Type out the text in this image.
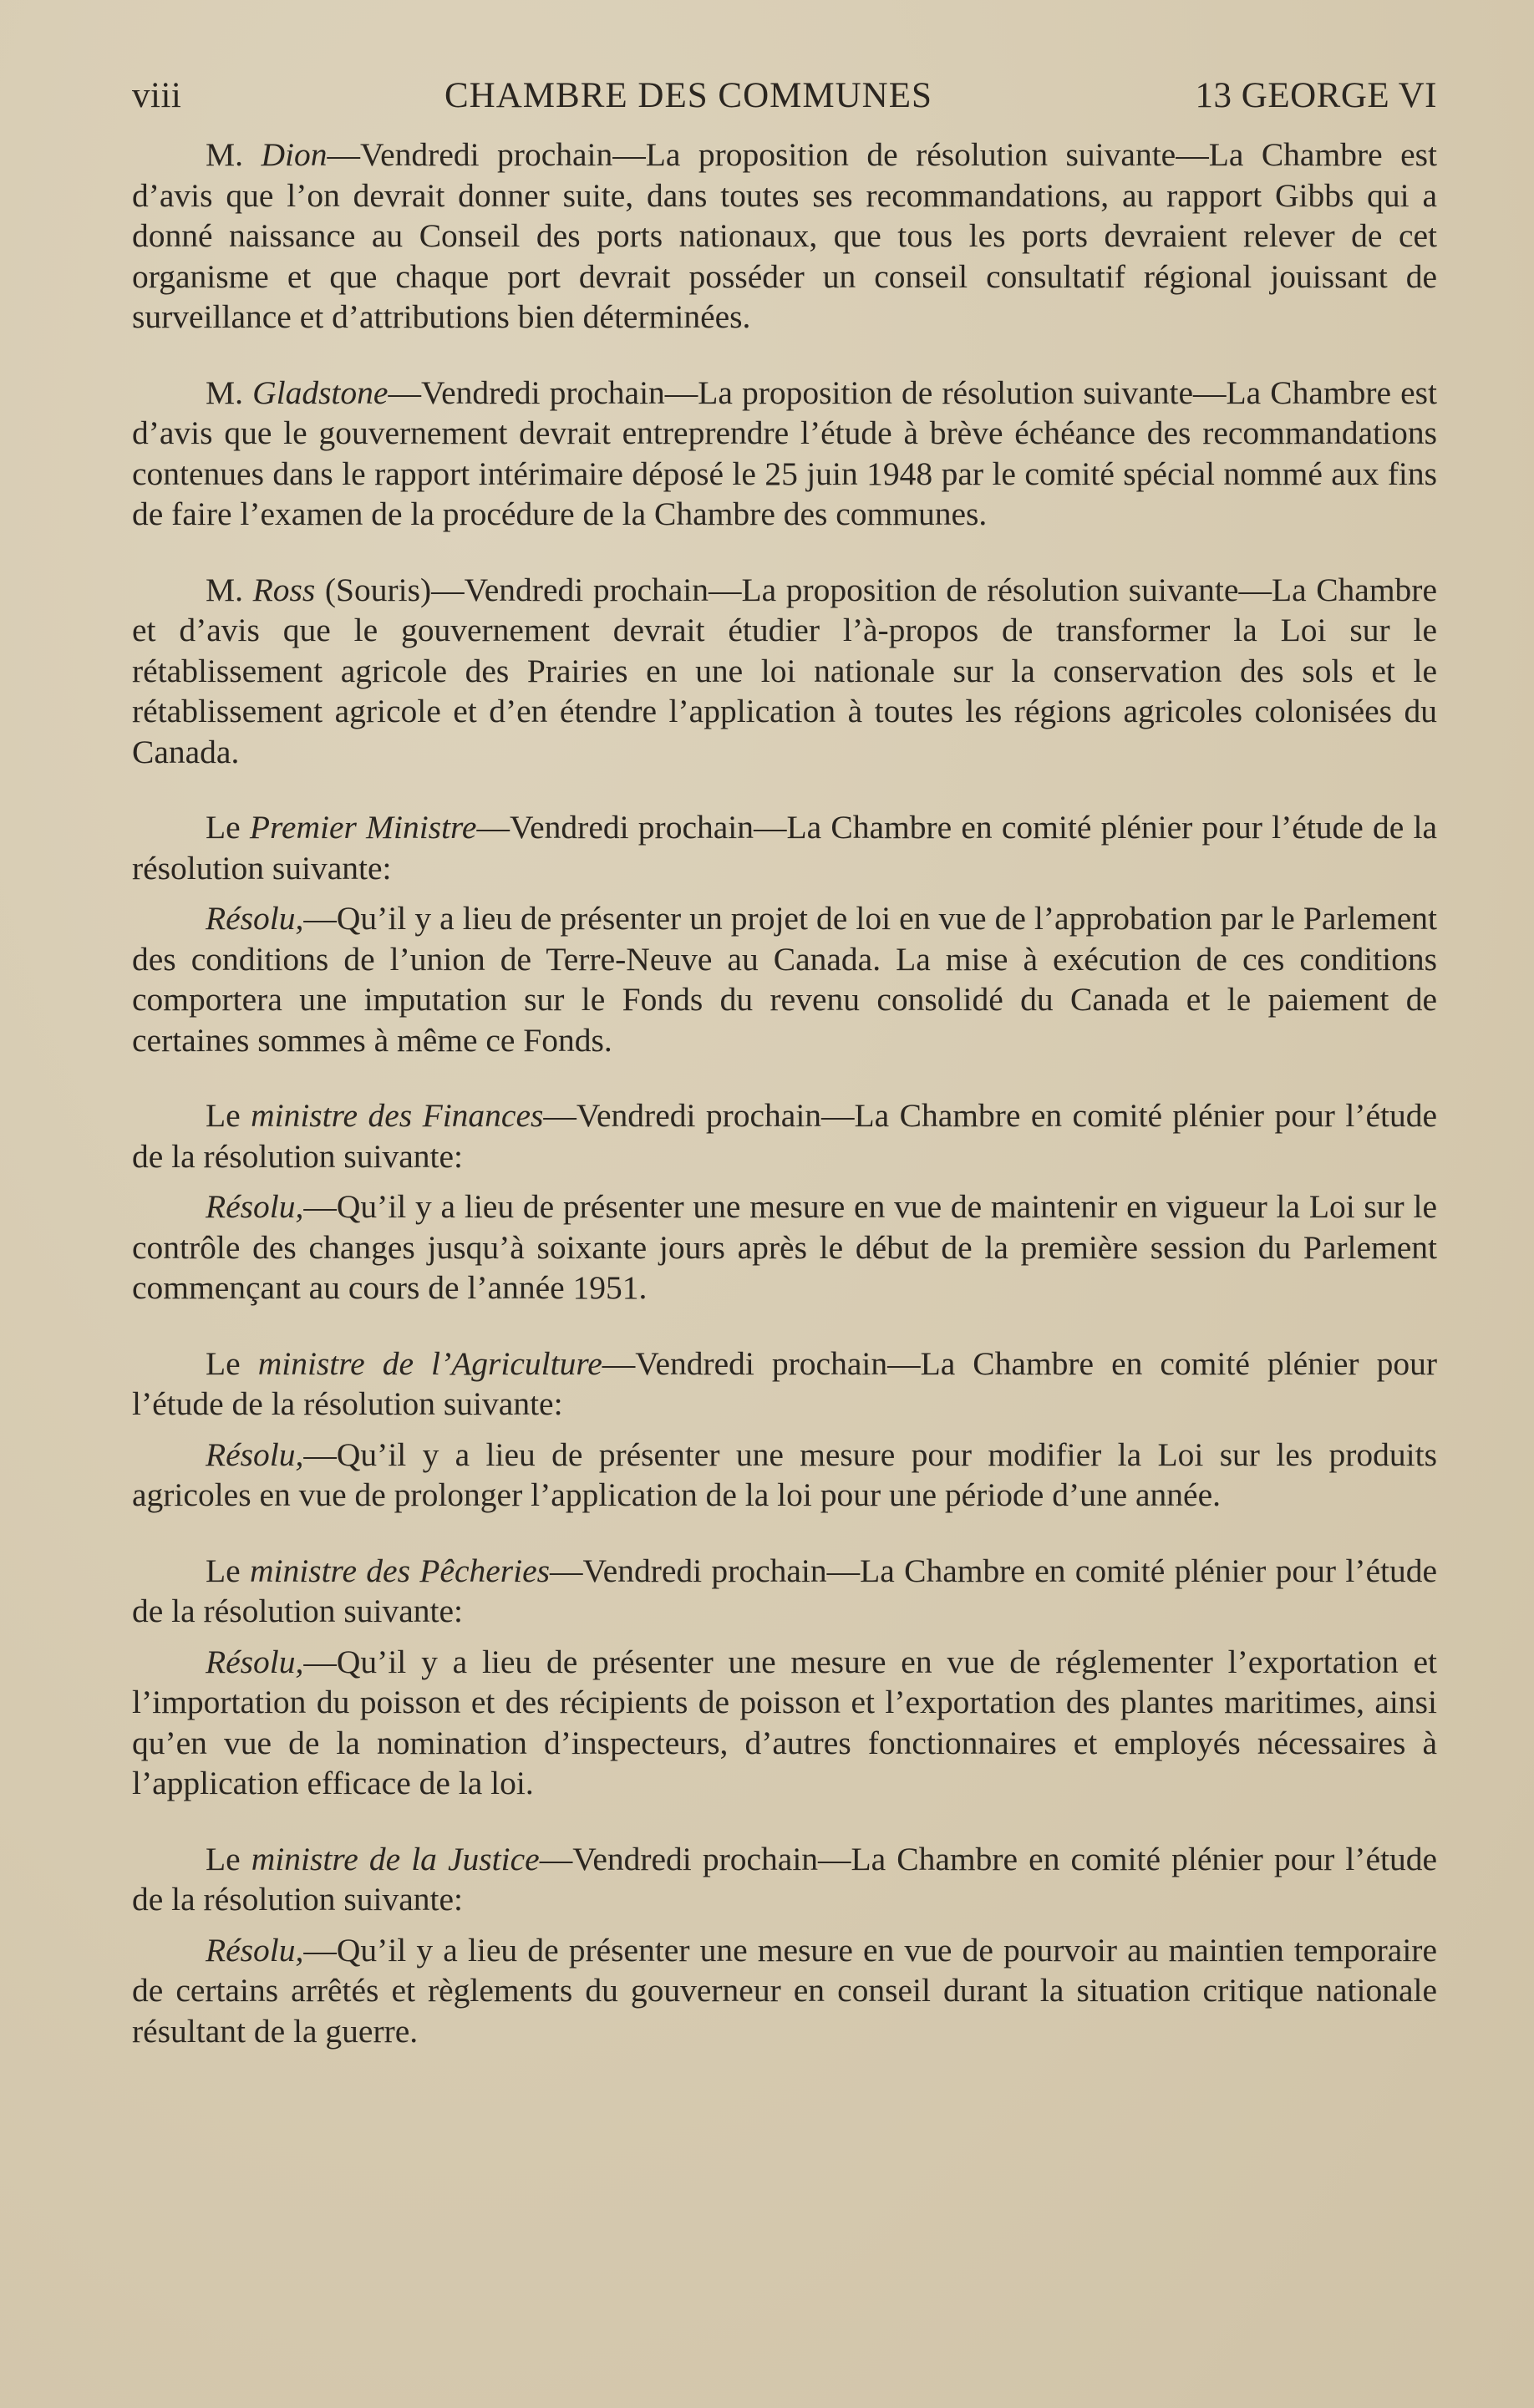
viii	CHAMBRE DES COMMUNES	13 GEORGE VI

M. Dion—Vendredi prochain—La proposition de résolution suivante—La Chambre est d’avis que l’on devrait donner suite, dans toutes ses recommandations, au rapport Gibbs qui a donné naissance au Conseil des ports nationaux, que tous les ports devraient relever de cet organisme et que chaque port devrait posséder un conseil consultatif régional jouissant de surveillance et d’attributions bien déterminées.

M. Gladstone—Vendredi prochain—La proposition de résolution suivante—La Chambre est d’avis que le gouvernement devrait entreprendre l’étude à brève échéance des recommandations contenues dans le rapport intérimaire déposé le 25 juin 1948 par le comité spécial nommé aux fins de faire l’examen de la procédure de la Chambre des communes.

M. Ross (Souris)—Vendredi prochain—La proposition de résolution suivante—La Chambre et d’avis que le gouvernement devrait étudier l’à-propos de transformer la Loi sur le rétablissement agricole des Prairies en une loi nationale sur la conservation des sols et le rétablissement agricole et d’en étendre l’application à toutes les régions agricoles colonisées du Canada.

Le Premier Ministre—Vendredi prochain—La Chambre en comité plénier pour l’étude de la résolution suivante:

Résolu,—Qu’il y a lieu de présenter un projet de loi en vue de l’approbation par le Parlement des conditions de l’union de Terre-Neuve au Canada. La mise à exécution de ces conditions comportera une imputation sur le Fonds du revenu consolidé du Canada et le paiement de certaines sommes à même ce Fonds.

Le ministre des Finances—Vendredi prochain—La Chambre en comité plénier pour l’étude de la résolution suivante:

Résolu,—Qu’il y a lieu de présenter une mesure en vue de maintenir en vigueur la Loi sur le contrôle des changes jusqu’à soixante jours après le début de la première session du Parlement commençant au cours de l’année 1951.

Le ministre de l’Agriculture—Vendredi prochain—La Chambre en comité plénier pour l’étude de la résolution suivante:

Résolu,—Qu’il y a lieu de présenter une mesure pour modifier la Loi sur les produits agricoles en vue de prolonger l’application de la loi pour une période d’une année.

Le ministre des Pêcheries—Vendredi prochain—La Chambre en comité plénier pour l’étude de la résolution suivante:

Résolu,—Qu’il y a lieu de présenter une mesure en vue de réglementer l’exportation et l’importation du poisson et des récipients de poisson et l’exportation des plantes maritimes, ainsi qu’en vue de la nomination d’inspecteurs, d’autres fonctionnaires et employés nécessaires à l’application efficace de la loi.

Le ministre de la Justice—Vendredi prochain—La Chambre en comité plénier pour l’étude de la résolution suivante:

Résolu,—Qu’il y a lieu de présenter une mesure en vue de pourvoir au maintien temporaire de certains arrêtés et règlements du gouverneur en conseil durant la situation critique nationale résultant de la guerre.
